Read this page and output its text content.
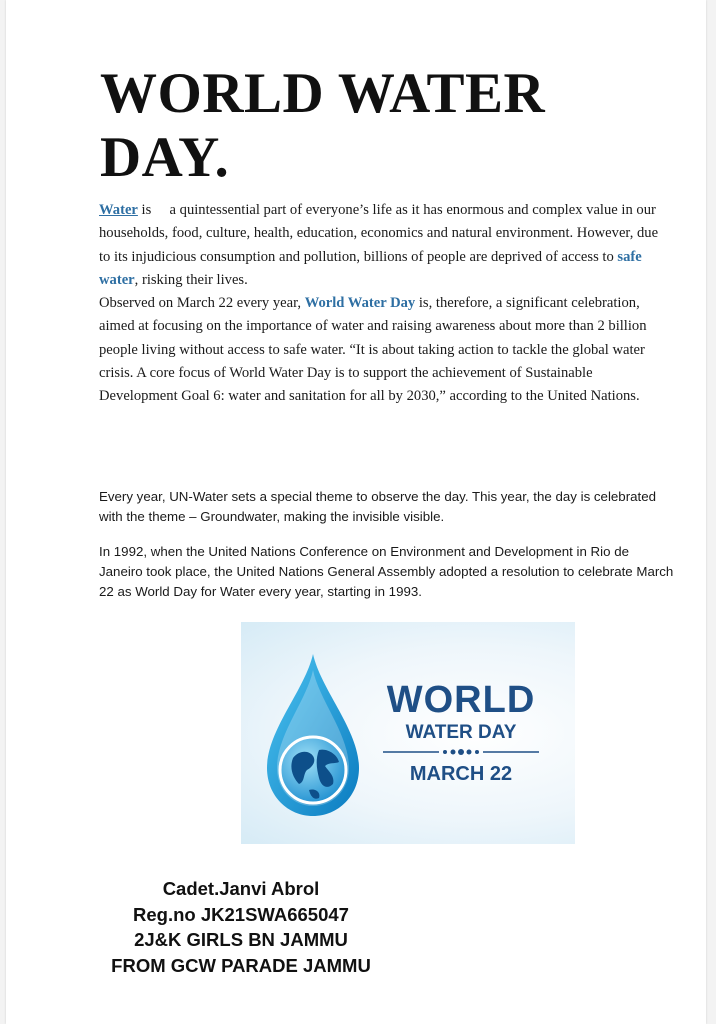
WORLD WATER DAY.
Water is     a quintessential part of everyone’s life as it has enormous and complex value in our households, food, culture, health, education, economics and natural environment. However, due to its injudicious consumption and pollution, billions of people are deprived of access to safe water, risking their lives.
Observed on March 22 every year, World Water Day is, therefore, a significant celebration, aimed at focusing on the importance of water and raising awareness about more than 2 billion people living without access to safe water. “It is about taking action to tackle the global water crisis. A core focus of World Water Day is to support the achievement of Sustainable Development Goal 6: water and sanitation for all by 2030,” according to the United Nations.

Every year, UN-Water sets a special theme to observe the day. This year, the day is celebrated with the theme – Groundwater, making the invisible visible.

In 1992, when the United Nations Conference on Environment and Development in Rio de Janeiro took place, the United Nations General Assembly adopted a resolution to celebrate March 22 as World Day for Water every year, starting in 1993.

WORLD
WATER DAY
MARCH 22
Cadet.Janvi Abrol
Reg.no JK21SWA665047
2J&K GIRLS BN JAMMU
FROM GCW PARADE JAMMU
